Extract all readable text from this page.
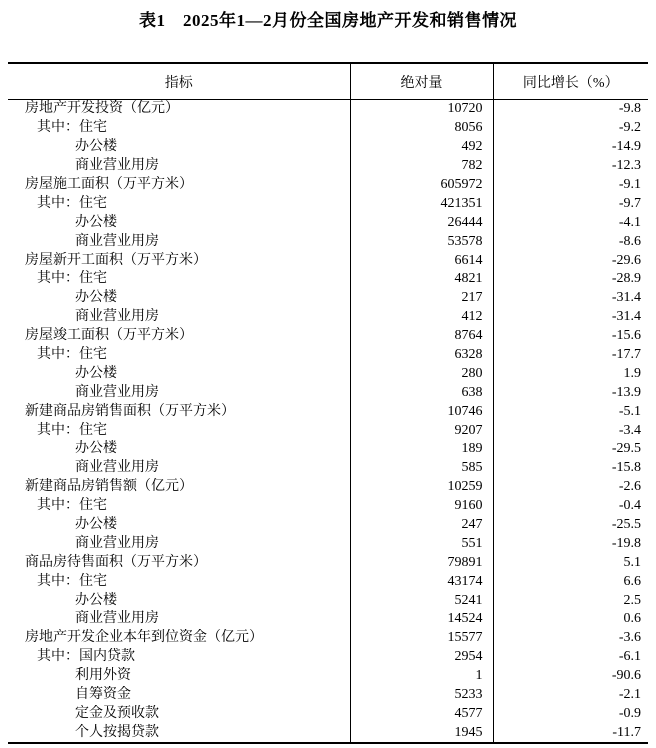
表1　2025年1—2月份全国房地产开发和销售情况
指标	绝对量	同比增长（%）
房地产开发投资（亿元）	10720	-9.8
其中：住宅	8056	-9.2
办公楼	492	-14.9
商业营业用房	782	-12.3
房屋施工面积（万平方米）	605972	-9.1
其中：住宅	421351	-9.7
办公楼	26444	-4.1
商业营业用房	53578	-8.6
房屋新开工面积（万平方米）	6614	-29.6
其中：住宅	4821	-28.9
办公楼	217	-31.4
商业营业用房	412	-31.4
房屋竣工面积（万平方米）	8764	-15.6
其中：住宅	6328	-17.7
办公楼	280	1.9
商业营业用房	638	-13.9
新建商品房销售面积（万平方米）	10746	-5.1
其中：住宅	9207	-3.4
办公楼	189	-29.5
商业营业用房	585	-15.8
新建商品房销售额（亿元）	10259	-2.6
其中：住宅	9160	-0.4
办公楼	247	-25.5
商业营业用房	551	-19.8
商品房待售面积（万平方米）	79891	5.1
其中：住宅	43174	6.6
办公楼	5241	2.5
商业营业用房	14524	0.6
房地产开发企业本年到位资金（亿元）	15577	-3.6
其中：国内贷款	2954	-6.1
利用外资	1	-90.6
自筹资金	5233	-2.1
定金及预收款	4577	-0.9
个人按揭贷款	1945	-11.7
